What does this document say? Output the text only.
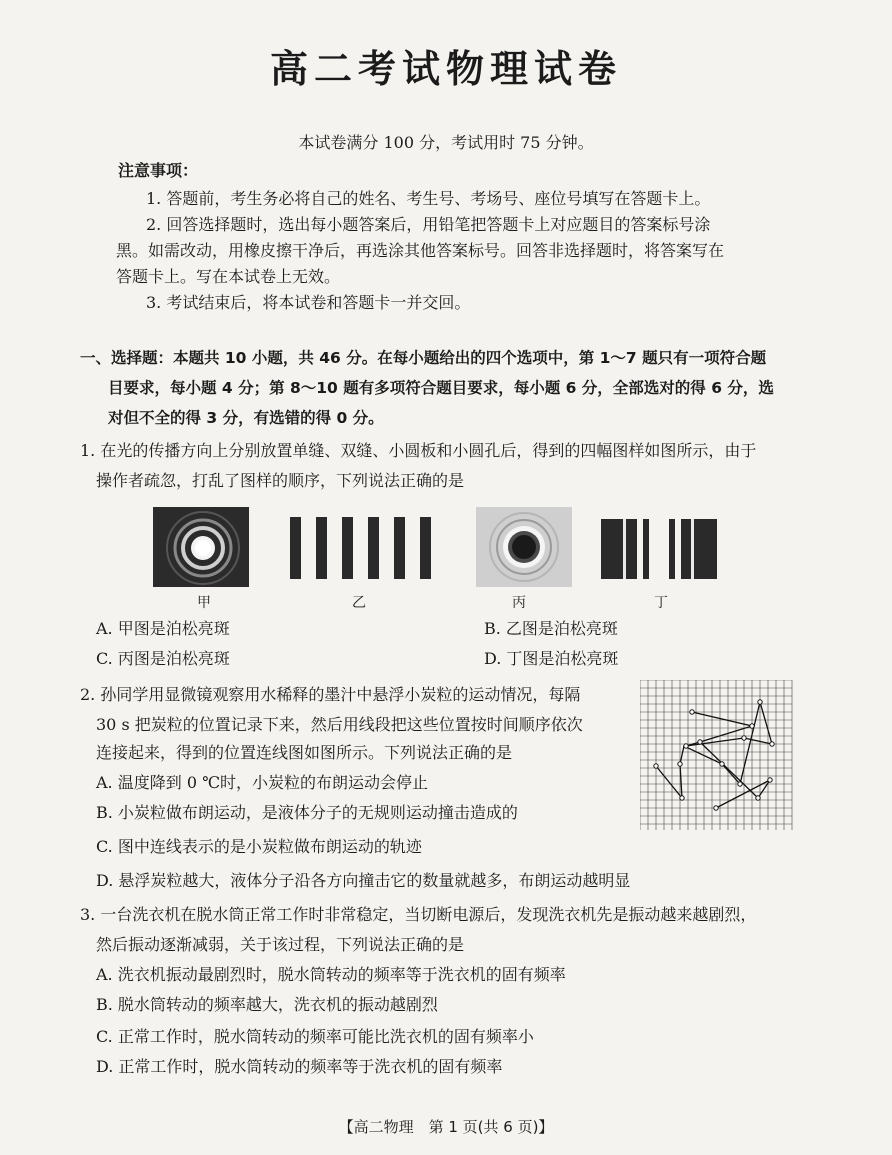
高二考试物理试卷
本试卷满分 100 分，考试用时 75 分钟。
注意事项：
1. 答题前，考生务必将自己的姓名、考生号、考场号、座位号填写在答题卡上。
2. 回答选择题时，选出每小题答案后，用铅笔把答题卡上对应题目的答案标号涂
黑。如需改动，用橡皮擦干净后，再选涂其他答案标号。回答非选择题时，将答案写在
答题卡上。写在本试卷上无效。
3. 考试结束后，将本试卷和答题卡一并交回。
一、选择题：本题共 10 小题，共 46 分。在每小题给出的四个选项中，第 1～7 题只有一项符合题
目要求，每小题 4 分；第 8～10 题有多项符合题目要求，每小题 6 分，全部选对的得 6 分，选
对但不全的得 3 分，有选错的得 0 分。
1. 在光的传播方向上分别放置单缝、双缝、小圆板和小圆孔后，得到的四幅图样如图所示，由于
操作者疏忽，打乱了图样的顺序，下列说法正确的是
甲	乙	丙	丁
A. 甲图是泊松亮斑	B. 乙图是泊松亮斑
C. 丙图是泊松亮斑	D. 丁图是泊松亮斑
2. 孙同学用显微镜观察用水稀释的墨汁中悬浮小炭粒的运动情况，每隔
30 s 把炭粒的位置记录下来，然后用线段把这些位置按时间顺序依次
连接起来，得到的位置连线图如图所示。下列说法正确的是
A. 温度降到 0 ℃时，小炭粒的布朗运动会停止
B. 小炭粒做布朗运动，是液体分子的无规则运动撞击造成的
C. 图中连线表示的是小炭粒做布朗运动的轨迹
D. 悬浮炭粒越大，液体分子沿各方向撞击它的数量就越多，布朗运动越明显
3. 一台洗衣机在脱水筒正常工作时非常稳定，当切断电源后，发现洗衣机先是振动越来越剧烈，
然后振动逐渐减弱，关于该过程，下列说法正确的是
A. 洗衣机振动最剧烈时，脱水筒转动的频率等于洗衣机的固有频率
B. 脱水筒转动的频率越大，洗衣机的振动越剧烈
C. 正常工作时，脱水筒转动的频率可能比洗衣机的固有频率小
D. 正常工作时，脱水筒转动的频率等于洗衣机的固有频率
【高二物理　第 1 页(共 6 页)】
